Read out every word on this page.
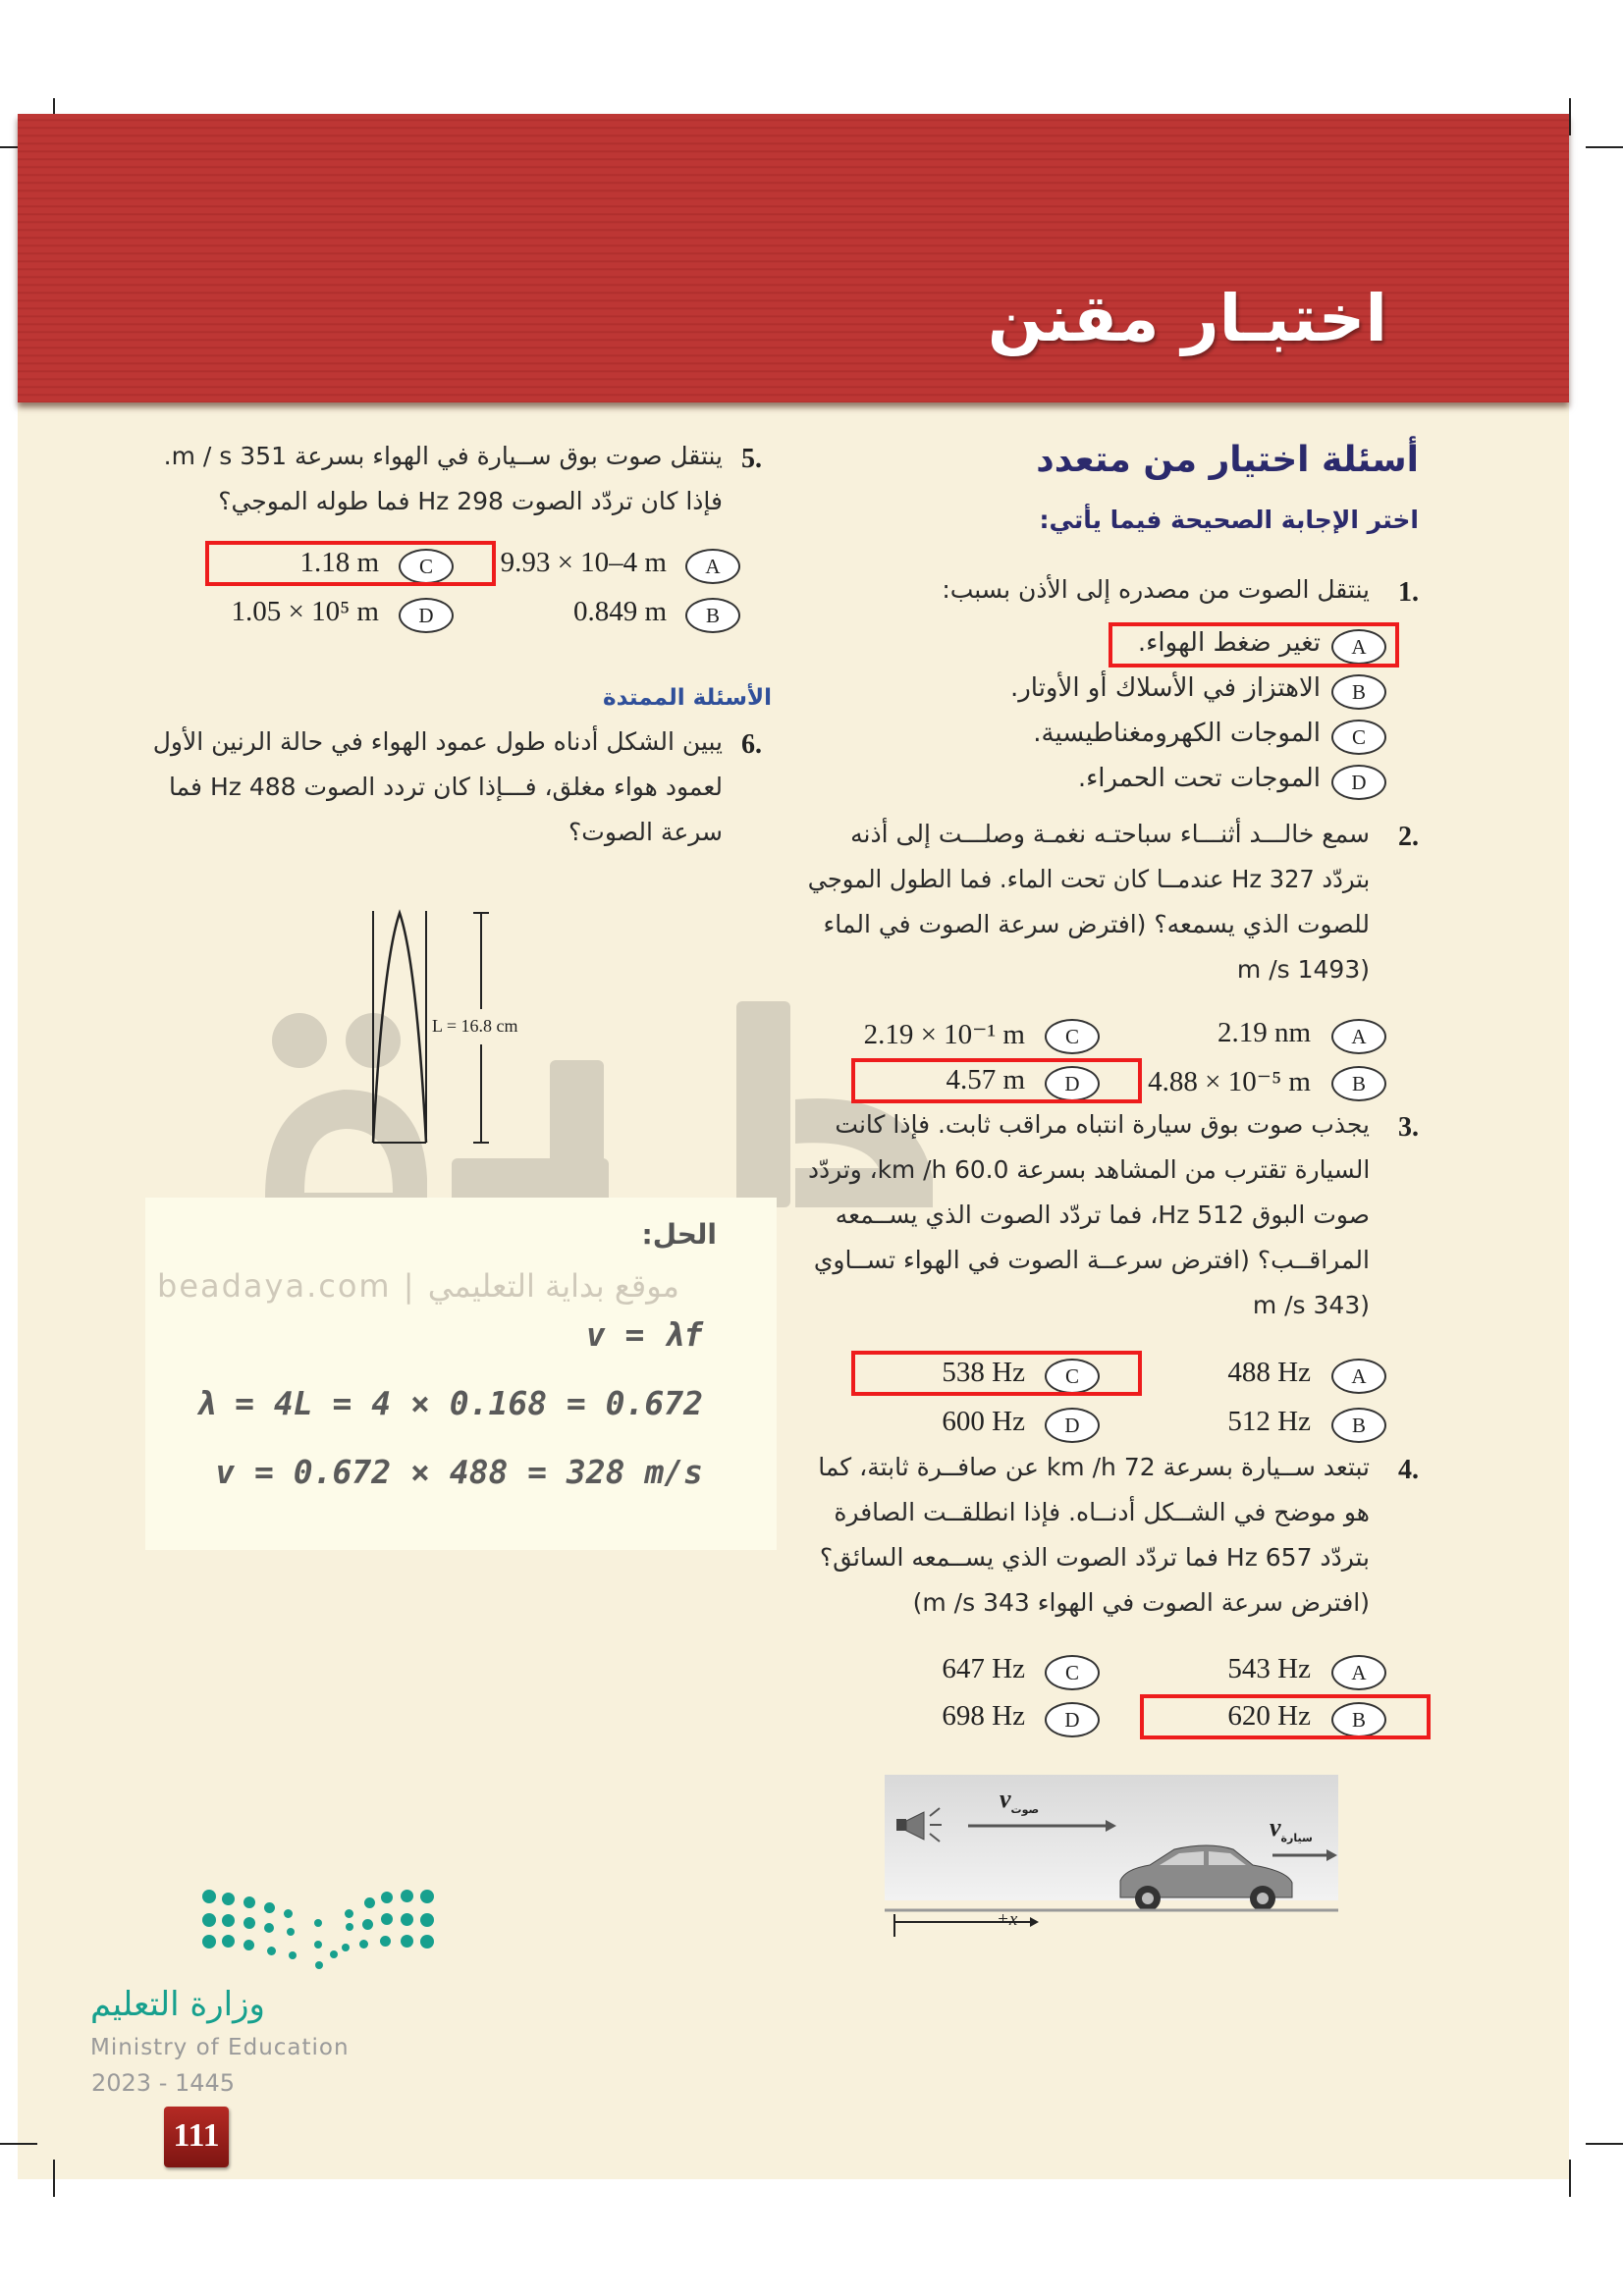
اختبـار مقنن
أسئلة اختيار من متعدد
اختر الإجابة الصحيحة فيما يأتي:
الأسئلة الممتدة
1.
ينتقل الصوت من مصدره إلى الأذن بسبب:
A
تغير ضغط الهواء.
B
الاهتزاز في الأسلاك أو الأوتار.
C
الموجات الكهرومغناطيسية.
D
الموجات تحت الحمراء.
2.
سمع خالـــد أثنـــاء سباحتـه نغمـة وصلـــت إلى أذنه
بتردّد 327 Hz عندمــا كان تحت الماء. فما الطول الموجي
للصوت الذي يسمعه؟ (افترض سرعة الصوت في الماء
(1493 m /s
A
2.19 nm
B
4.88 × 10⁻⁵ m
C
2.19 × 10⁻¹ m
D
4.57 m
3.
يجذب صوت بوق سيارة انتباه مراقب ثابت. فإذا كانت
السيارة تقترب من المشاهد بسرعة 60.0 km /h، وتردّد
صوت البوق 512 Hz، فما تردّد الصوت الذي يســمعه
المراقــب؟ (افترض سرعــة الصوت في الهواء تســاوي
(343 m /s
A
488 Hz
B
512 Hz
C
538 Hz
D
600 Hz
4.
تبتعد ســيارة بسرعة 72 km /h عن صافــرة ثابتة، كما
هو موضح في الشــكل أدنــاه. فإذا انطلقــت الصافرة
بتردّد 657 Hz فما تردّد الصوت الذي يســمعه السائق؟
(افترض سرعة الصوت في الهواء 343 m /s)
A
543 Hz
B
620 Hz
C
647 Hz
D
698 Hz
5.
ينتقل صوت بوق ســيارة في الهواء بسرعة 351 m / s.
فإذا كان تردّد الصوت 298 Hz فما طوله الموجي؟
A
9.93 × 10–4 m
B
0.849 m
C
1.18 m
D
1.05 × 10⁵ m
6.
يبين الشكل أدناه طول عمود الهواء في حالة الرنين الأول
لعمود هواء مغلق، فـــإذا كان تردد الصوت 488 Hz فما
سرعة الصوت؟
L = 16.8 cm
الحل:
beadaya.com | موقع بداية التعليمي
v = λf
λ = 4L = 4 × 0.168 = 0.672
v = 0.672 × 488 = 328 m/s
$v_{صوت}$
$v_{سيارة}$
+x
وزارة التعليم
Ministry of Education
2023 - 1445
111
